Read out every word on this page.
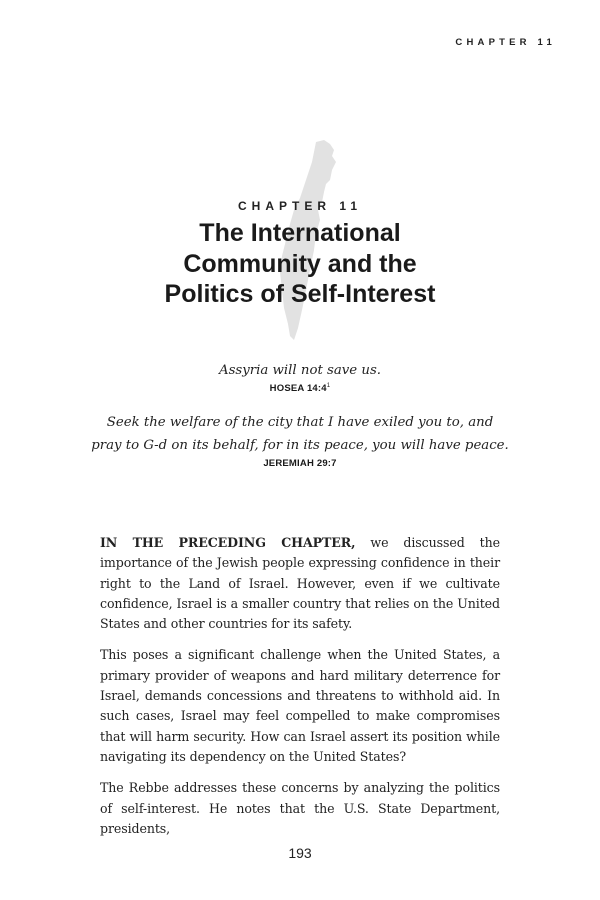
CHAPTER 11
CHAPTER 11
The International
Community and the
Politics of Self-Interest
Assyria will not save us.
HOSEA $14:4^1$
Seek the welfare of the city that I have exiled you to, and
pray to G-d on its behalf, for in its peace, you will have peace.
JEREMIAH 29:7

IN THE PRECEDING CHAPTER, we discussed the importance of the Jewish people expressing confidence in their right to the Land of Israel. However, even if we cultivate confidence, Israel is a smaller country that relies on the United States and other countries for its safety.

This poses a significant challenge when the United States, a primary provider of weapons and hard military deterrence for Israel, demands concessions and threatens to withhold aid. In such cases, Israel may feel compelled to make compromises that will harm security. How can Israel assert its position while navigating its dependency on the United States?

The Rebbe addresses these concerns by analyzing the politics of self-interest. He notes that the U.S. State Department, presidents,

193
